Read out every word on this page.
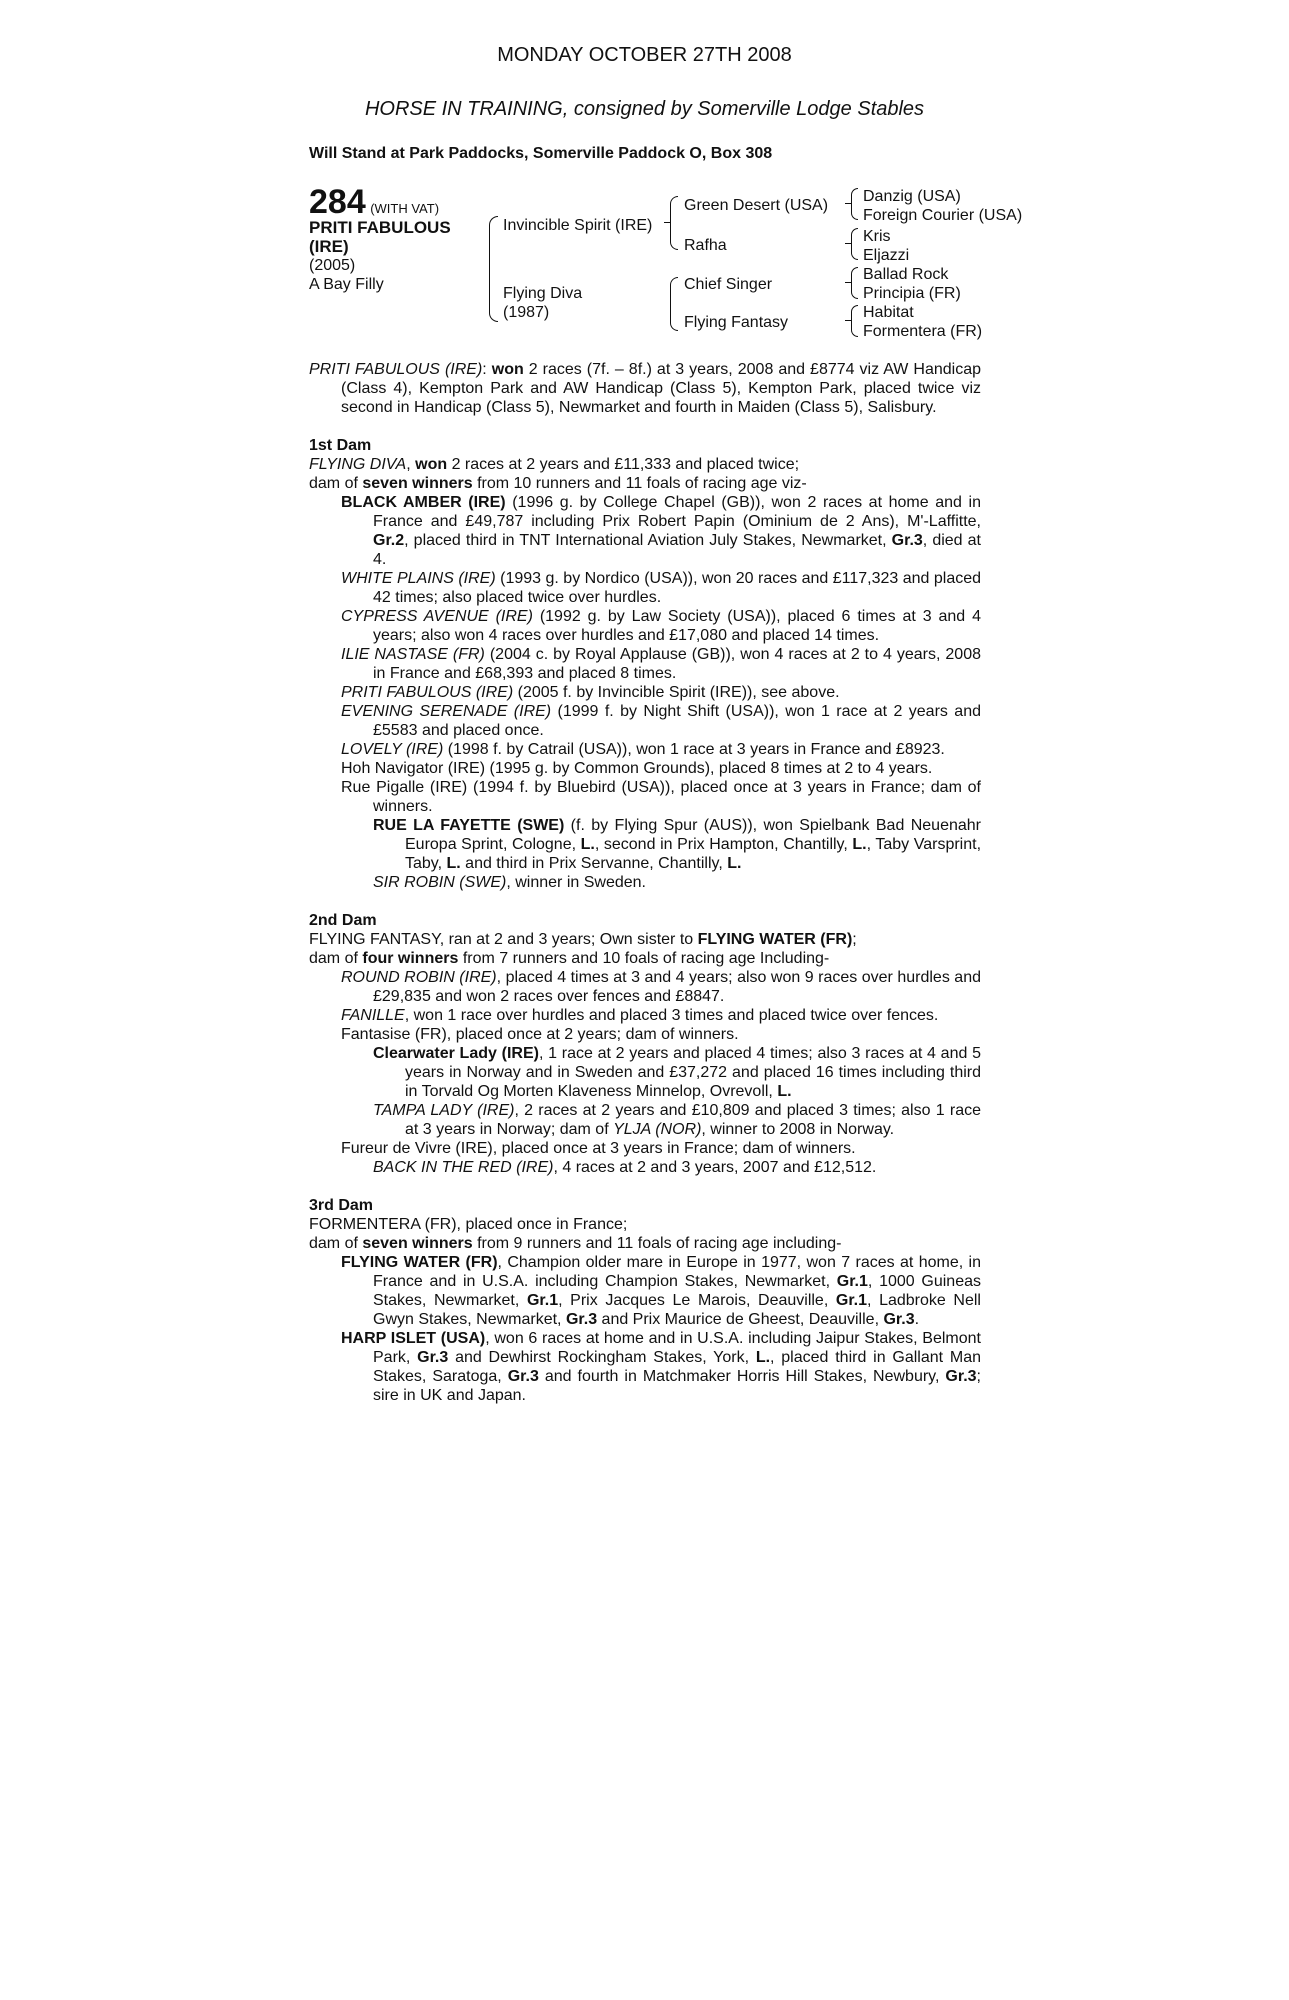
MONDAY OCTOBER 27TH 2008
HORSE IN TRAINING, consigned by Somerville Lodge Stables
Will Stand at Park Paddocks, Somerville Paddock O, Box 308
284 (WITH VAT)
PRITI FABULOUS
(IRE)
(2005)
A Bay Filly
Invincible Spirit (IRE)
Flying Diva
(1987)
Green Desert (USA)
Rafha
Chief Singer
Flying Fantasy
Danzig (USA)
Foreign Courier (USA)
Kris
Eljazzi
Ballad Rock
Principia (FR)
Habitat
Formentera (FR)

PRITI FABULOUS (IRE): won 2 races (7f. – 8f.) at 3 years, 2008 and £8774 viz AW Handicap (Class 4), Kempton Park and AW Handicap (Class 5), Kempton Park, placed twice viz second in Handicap (Class 5), Newmarket and fourth in Maiden (Class 5), Salisbury.

1st Dam

FLYING DIVA, won 2 races at 2 years and £11,333 and placed twice;

dam of seven winners from 10 runners and 11 foals of racing age viz-

BLACK AMBER (IRE) (1996 g. by College Chapel (GB)), won 2 races at home and in France and £49,787 including Prix Robert Papin (Ominium de 2 Ans), M'-Laffitte, Gr.2, placed third in TNT International Aviation July Stakes, Newmarket, Gr.3, died at 4.

WHITE PLAINS (IRE) (1993 g. by Nordico (USA)), won 20 races and £117,323 and placed 42 times; also placed twice over hurdles.

CYPRESS AVENUE (IRE) (1992 g. by Law Society (USA)), placed 6 times at 3 and 4 years; also won 4 races over hurdles and £17,080 and placed 14 times.

ILIE NASTASE (FR) (2004 c. by Royal Applause (GB)), won 4 races at 2 to 4 years, 2008 in France and £68,393 and placed 8 times.

PRITI FABULOUS (IRE) (2005 f. by Invincible Spirit (IRE)), see above.

EVENING SERENADE (IRE) (1999 f. by Night Shift (USA)), won 1 race at 2 years and £5583 and placed once.

LOVELY (IRE) (1998 f. by Catrail (USA)), won 1 race at 3 years in France and £8923.

Hoh Navigator (IRE) (1995 g. by Common Grounds), placed 8 times at 2 to 4 years.

Rue Pigalle (IRE) (1994 f. by Bluebird (USA)), placed once at 3 years in France; dam of winners.

RUE LA FAYETTE (SWE) (f. by Flying Spur (AUS)), won Spielbank Bad Neuenahr Europa Sprint, Cologne, L., second in Prix Hampton, Chantilly, L., Taby Varsprint, Taby, L. and third in Prix Servanne, Chantilly, L.

SIR ROBIN (SWE), winner in Sweden.

2nd Dam

FLYING FANTASY, ran at 2 and 3 years; Own sister to FLYING WATER (FR);

dam of four winners from 7 runners and 10 foals of racing age Including-

ROUND ROBIN (IRE), placed 4 times at 3 and 4 years; also won 9 races over hurdles and £29,835 and won 2 races over fences and £8847.

FANILLE, won 1 race over hurdles and placed 3 times and placed twice over fences.

Fantasise (FR), placed once at 2 years; dam of winners.

Clearwater Lady (IRE), 1 race at 2 years and placed 4 times; also 3 races at 4 and 5 years in Norway and in Sweden and £37,272 and placed 16 times including third in Torvald Og Morten Klaveness Minnelop, Ovrevoll, L.

TAMPA LADY (IRE), 2 races at 2 years and £10,809 and placed 3 times; also 1 race at 3 years in Norway; dam of YLJA (NOR), winner to 2008 in Norway.

Fureur de Vivre (IRE), placed once at 3 years in France; dam of winners.

BACK IN THE RED (IRE), 4 races at 2 and 3 years, 2007 and £12,512.

3rd Dam

FORMENTERA (FR), placed once in France;

dam of seven winners from 9 runners and 11 foals of racing age including-

FLYING WATER (FR), Champion older mare in Europe in 1977, won 7 races at home, in France and in U.S.A. including Champion Stakes, Newmarket, Gr.1, 1000 Guineas Stakes, Newmarket, Gr.1, Prix Jacques Le Marois, Deauville, Gr.1, Ladbroke Nell Gwyn Stakes, Newmarket, Gr.3 and Prix Maurice de Gheest, Deauville, Gr.3.

HARP ISLET (USA), won 6 races at home and in U.S.A. including Jaipur Stakes, Belmont Park, Gr.3 and Dewhirst Rockingham Stakes, York, L., placed third in Gallant Man Stakes, Saratoga, Gr.3 and fourth in Matchmaker Horris Hill Stakes, Newbury, Gr.3; sire in UK and Japan.
